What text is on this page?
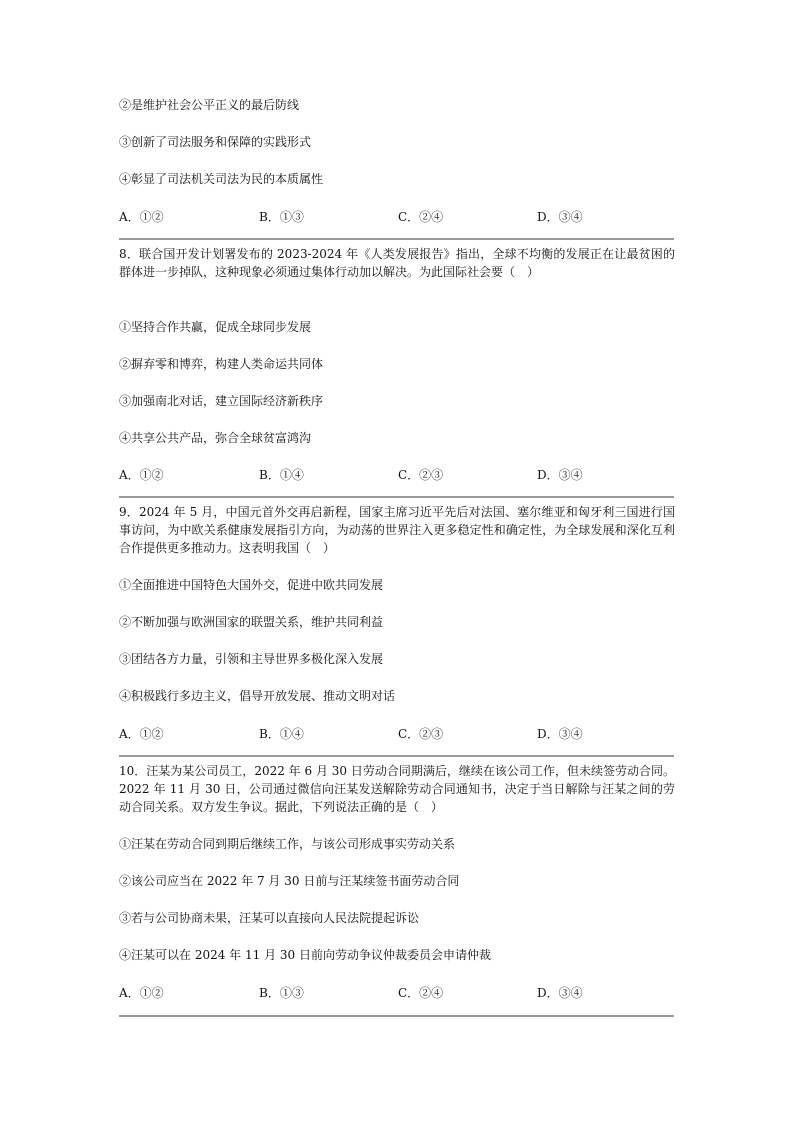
②是维护社会公平正义的最后防线
③创新了司法服务和保障的实践形式
④彰显了司法机关司法为民的本质属性
A．①②	B．①③	C．②④	D．③④
8．联合国开发计划署发布的 2023-2024 年《人类发展报告》指出，全球不均衡的发展正在让最贫困的群体进一步掉队，这种现象必须通过集体行动加以解决。为此国际社会要（　）
①坚持合作共赢，促成全球同步发展
②摒弃零和博弈，构建人类命运共同体
③加强南北对话，建立国际经济新秩序
④共享公共产品，弥合全球贫富鸿沟
A．①②	B．①④	C．②③	D．③④
9．2024 年 5 月，中国元首外交再启新程，国家主席习近平先后对法国、塞尔维亚和匈牙利三国进行国事访问，为中欧关系健康发展指引方向，为动荡的世界注入更多稳定性和确定性，为全球发展和深化互利合作提供更多推动力。这表明我国（　）
①全面推进中国特色大国外交，促进中欧共同发展
②不断加强与欧洲国家的联盟关系，维护共同利益
③团结各方力量，引领和主导世界多极化深入发展
④积极践行多边主义，倡导开放发展、推动文明对话
A．①②	B．①④	C．②③	D．③④
10．汪某为某公司员工，2022 年 6 月 30 日劳动合同期满后，继续在该公司工作，但未续签劳动合同。2022 年 11 月 30 日，公司通过微信向汪某发送解除劳动合同通知书，决定于当日解除与汪某之间的劳动合同关系。双方发生争议。据此，下列说法正确的是（　）
①汪某在劳动合同到期后继续工作，与该公司形成事实劳动关系
②该公司应当在 2022 年 7 月 30 日前与汪某续签书面劳动合同
③若与公司协商未果，汪某可以直接向人民法院提起诉讼
④汪某可以在 2024 年 11 月 30 日前向劳动争议仲裁委员会申请仲裁
A．①②	B．①③	C．②④	D．③④
